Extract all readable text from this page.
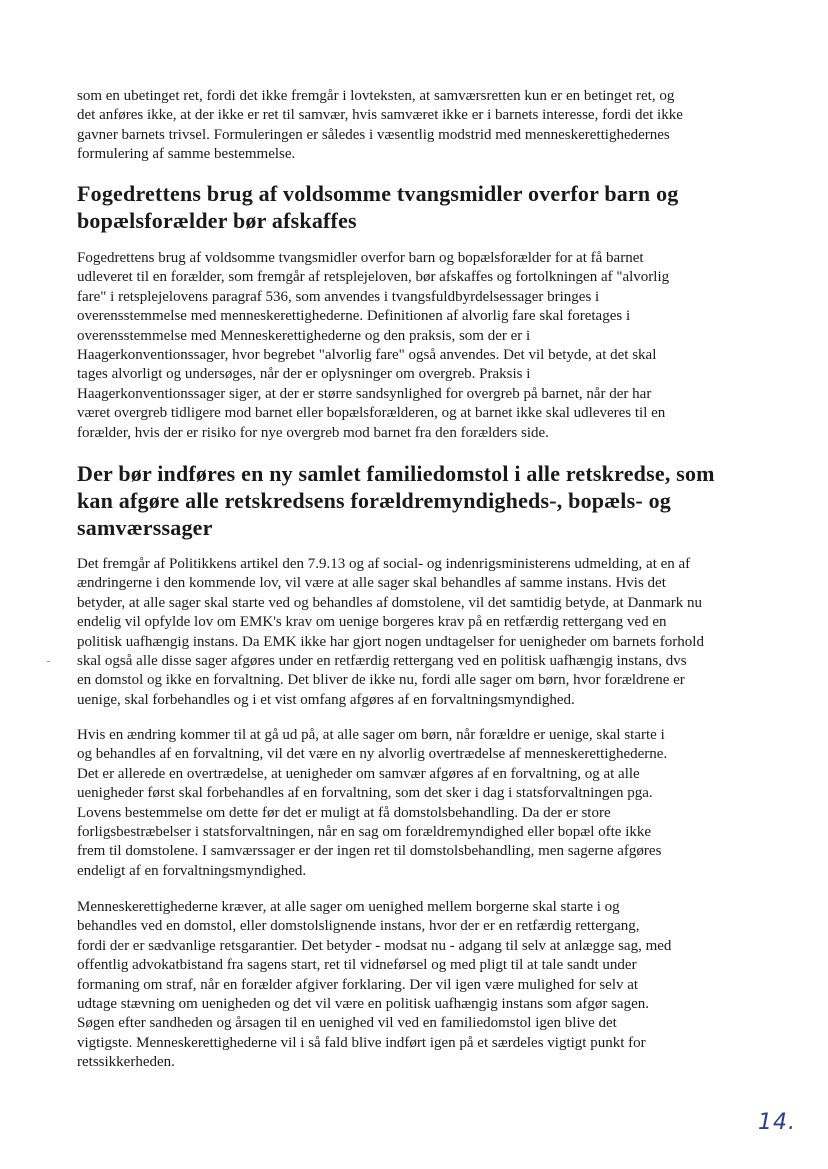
som en ubetinget ret, fordi det ikke fremgår i lovteksten, at samværsretten kun er en betinget ret, og
det anføres ikke, at der ikke er ret til samvær, hvis samværet ikke er i barnets interesse, fordi det ikke
gavner barnets trivsel. Formuleringen er således i væsentlig modstrid med menneskerettighedernes
formulering af samme bestemmelse.

Fogedrettens brug af voldsomme tvangsmidler overfor barn og
bopælsforælder bør afskaffes

Fogedrettens brug af voldsomme tvangsmidler overfor barn og bopælsforælder for at få barnet
udleveret til en forælder, som fremgår af retsplejeloven, bør afskaffes og fortolkningen af "alvorlig
fare" i retsplejelovens paragraf 536, som anvendes i tvangsfuldbyrdelsessager bringes i
overensstemmelse med menneskerettighederne. Definitionen af alvorlig fare skal foretages i
overensstemmelse med Menneskerettighederne og den praksis, som der er i
Haagerkonventionssager, hvor begrebet "alvorlig fare" også anvendes. Det vil betyde, at det skal
tages alvorligt og undersøges, når der er oplysninger om overgreb. Praksis i
Haagerkonventionssager siger, at der er større sandsynlighed for overgreb på barnet, når der har
været overgreb tidligere mod barnet eller bopælsforælderen, og at barnet ikke skal udleveres til en
forælder, hvis der er risiko for nye overgreb mod barnet fra den forælders side.

Der bør indføres en ny samlet familiedomstol i alle retskredse, som
kan afgøre alle retskredsens forældremyndigheds-, bopæls- og
samværssager

Det fremgår af Politikkens artikel den 7.9.13 og af social- og indenrigsministerens udmelding, at en af
ændringerne i den kommende lov, vil være at alle sager skal behandles af samme instans. Hvis det
betyder, at alle sager skal starte ved og behandles af domstolene, vil det samtidig betyde, at Danmark nu
endelig vil opfylde lov om EMK's krav om uenige borgeres krav på en retfærdig rettergang ved en
politisk uafhængig instans. Da EMK ikke har gjort nogen undtagelser for uenigheder om barnets forhold
skal også alle disse sager afgøres under en retfærdig rettergang ved en politisk uafhængig instans, dvs
en domstol og ikke en forvaltning. Det bliver de ikke nu, fordi alle sager om børn, hvor forældrene er
uenige, skal forbehandles og i et vist omfang afgøres af en forvaltningsmyndighed.

Hvis en ændring kommer til at gå ud på, at alle sager om børn, når forældre er uenige, skal starte i
og behandles af en forvaltning, vil det være en ny alvorlig overtrædelse af menneskerettighederne.
Det er allerede en overtrædelse, at uenigheder om samvær afgøres af en forvaltning, og at alle
uenigheder først skal forbehandles af en forvaltning, som det sker i dag i statsforvaltningen pga.
Lovens bestemmelse om dette før det er muligt at få domstolsbehandling. Da der er store
forligsbestræbelser i statsforvaltningen, når en sag om forældremyndighed eller bopæl ofte ikke
frem til domstolene. I samværssager er der ingen ret til domstolsbehandling, men sagerne afgøres
endeligt af en forvaltningsmyndighed.

Menneskerettighederne kræver, at alle sager om uenighed mellem borgerne skal starte i og
behandles ved en domstol, eller domstolslignende instans, hvor der er en retfærdig rettergang,
fordi der er sædvanlige retsgarantier. Det betyder - modsat nu - adgang til selv at anlægge sag, med
offentlig advokatbistand fra sagens start, ret til vidneførsel og med pligt til at tale sandt under
formaning om straf, når en forælder afgiver forklaring. Der vil igen være mulighed for selv at
udtage stævning om uenigheden og det vil være en politisk uafhængig instans som afgør sagen.
Søgen efter sandheden og årsagen til en uenighed vil ved en familiedomstol igen blive det
vigtigste. Menneskerettighederne vil i så fald blive indført igen på et særdeles vigtigt punkt for
retssikkerheden.

14.
